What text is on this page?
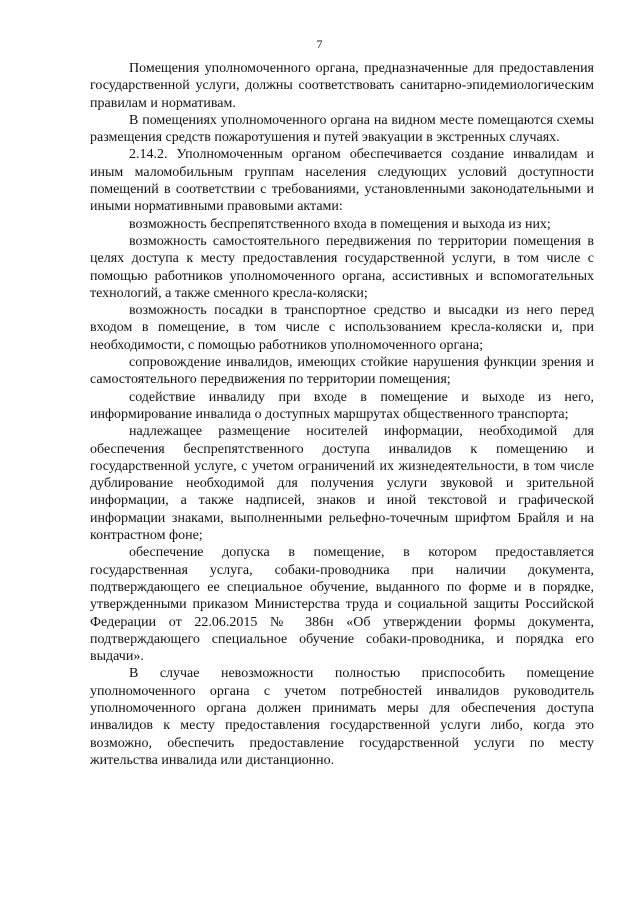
7

Помещения уполномоченного органа, предназначенные для предоставления государственной услуги, должны соответствовать санитарно-эпидемиологическим правилам и нормативам.

В помещениях уполномоченного органа на видном месте помещаются схемы размещения средств пожаротушения и путей эвакуации в экстренных случаях.

2.14.2. Уполномоченным органом обеспечивается создание инвалидам и иным маломобильным группам населения следующих условий доступности помещений в соответствии с требованиями, установленными законодательными и иными нормативными правовыми актами:

возможность беспрепятственного входа в помещения и выхода из них;

возможность самостоятельного передвижения по территории помещения в целях доступа к месту предоставления государственной услуги, в том числе с помощью работников уполномоченного органа, ассистивных и вспомогательных технологий, а также сменного кресла-коляски;

возможность посадки в транспортное средство и высадки из него перед входом в помещение, в том числе с использованием кресла-коляски и, при необходимости, с помощью работников уполномоченного органа;

сопровождение инвалидов, имеющих стойкие нарушения функции зрения и самостоятельного передвижения по территории помещения;

содействие инвалиду при входе в помещение и выходе из него, информирование инвалида о доступных маршрутах общественного транспорта;

надлежащее размещение носителей информации, необходимой для обеспечения беспрепятственного доступа инвалидов к помещению и государственной услуге, с учетом ограничений их жизнедеятельности, в том числе дублирование необходимой для получения услуги звуковой и зрительной информации, а также надписей, знаков и иной текстовой и графической информации знаками, выполненными рельефно-точечным шрифтом Брайля и на контрастном фоне;

обеспечение допуска в помещение, в котором предоставляется государственная услуга, собаки-проводника при наличии документа, подтверждающего ее специальное обучение, выданного по форме и в порядке, утвержденными приказом Министерства труда и социальной защиты Российской Федерации от 22.06.2015 № 386н «Об утверждении формы документа, подтверждающего специальное обучение собаки-проводника, и порядка его выдачи».

В случае невозможности полностью приспособить помещение уполномоченного органа с учетом потребностей инвалидов руководитель уполномоченного органа должен принимать меры для обеспечения доступа инвалидов к месту предоставления государственной услуги либо, когда это возможно, обеспечить предоставление государственной услуги по месту жительства инвалида или дистанционно.
